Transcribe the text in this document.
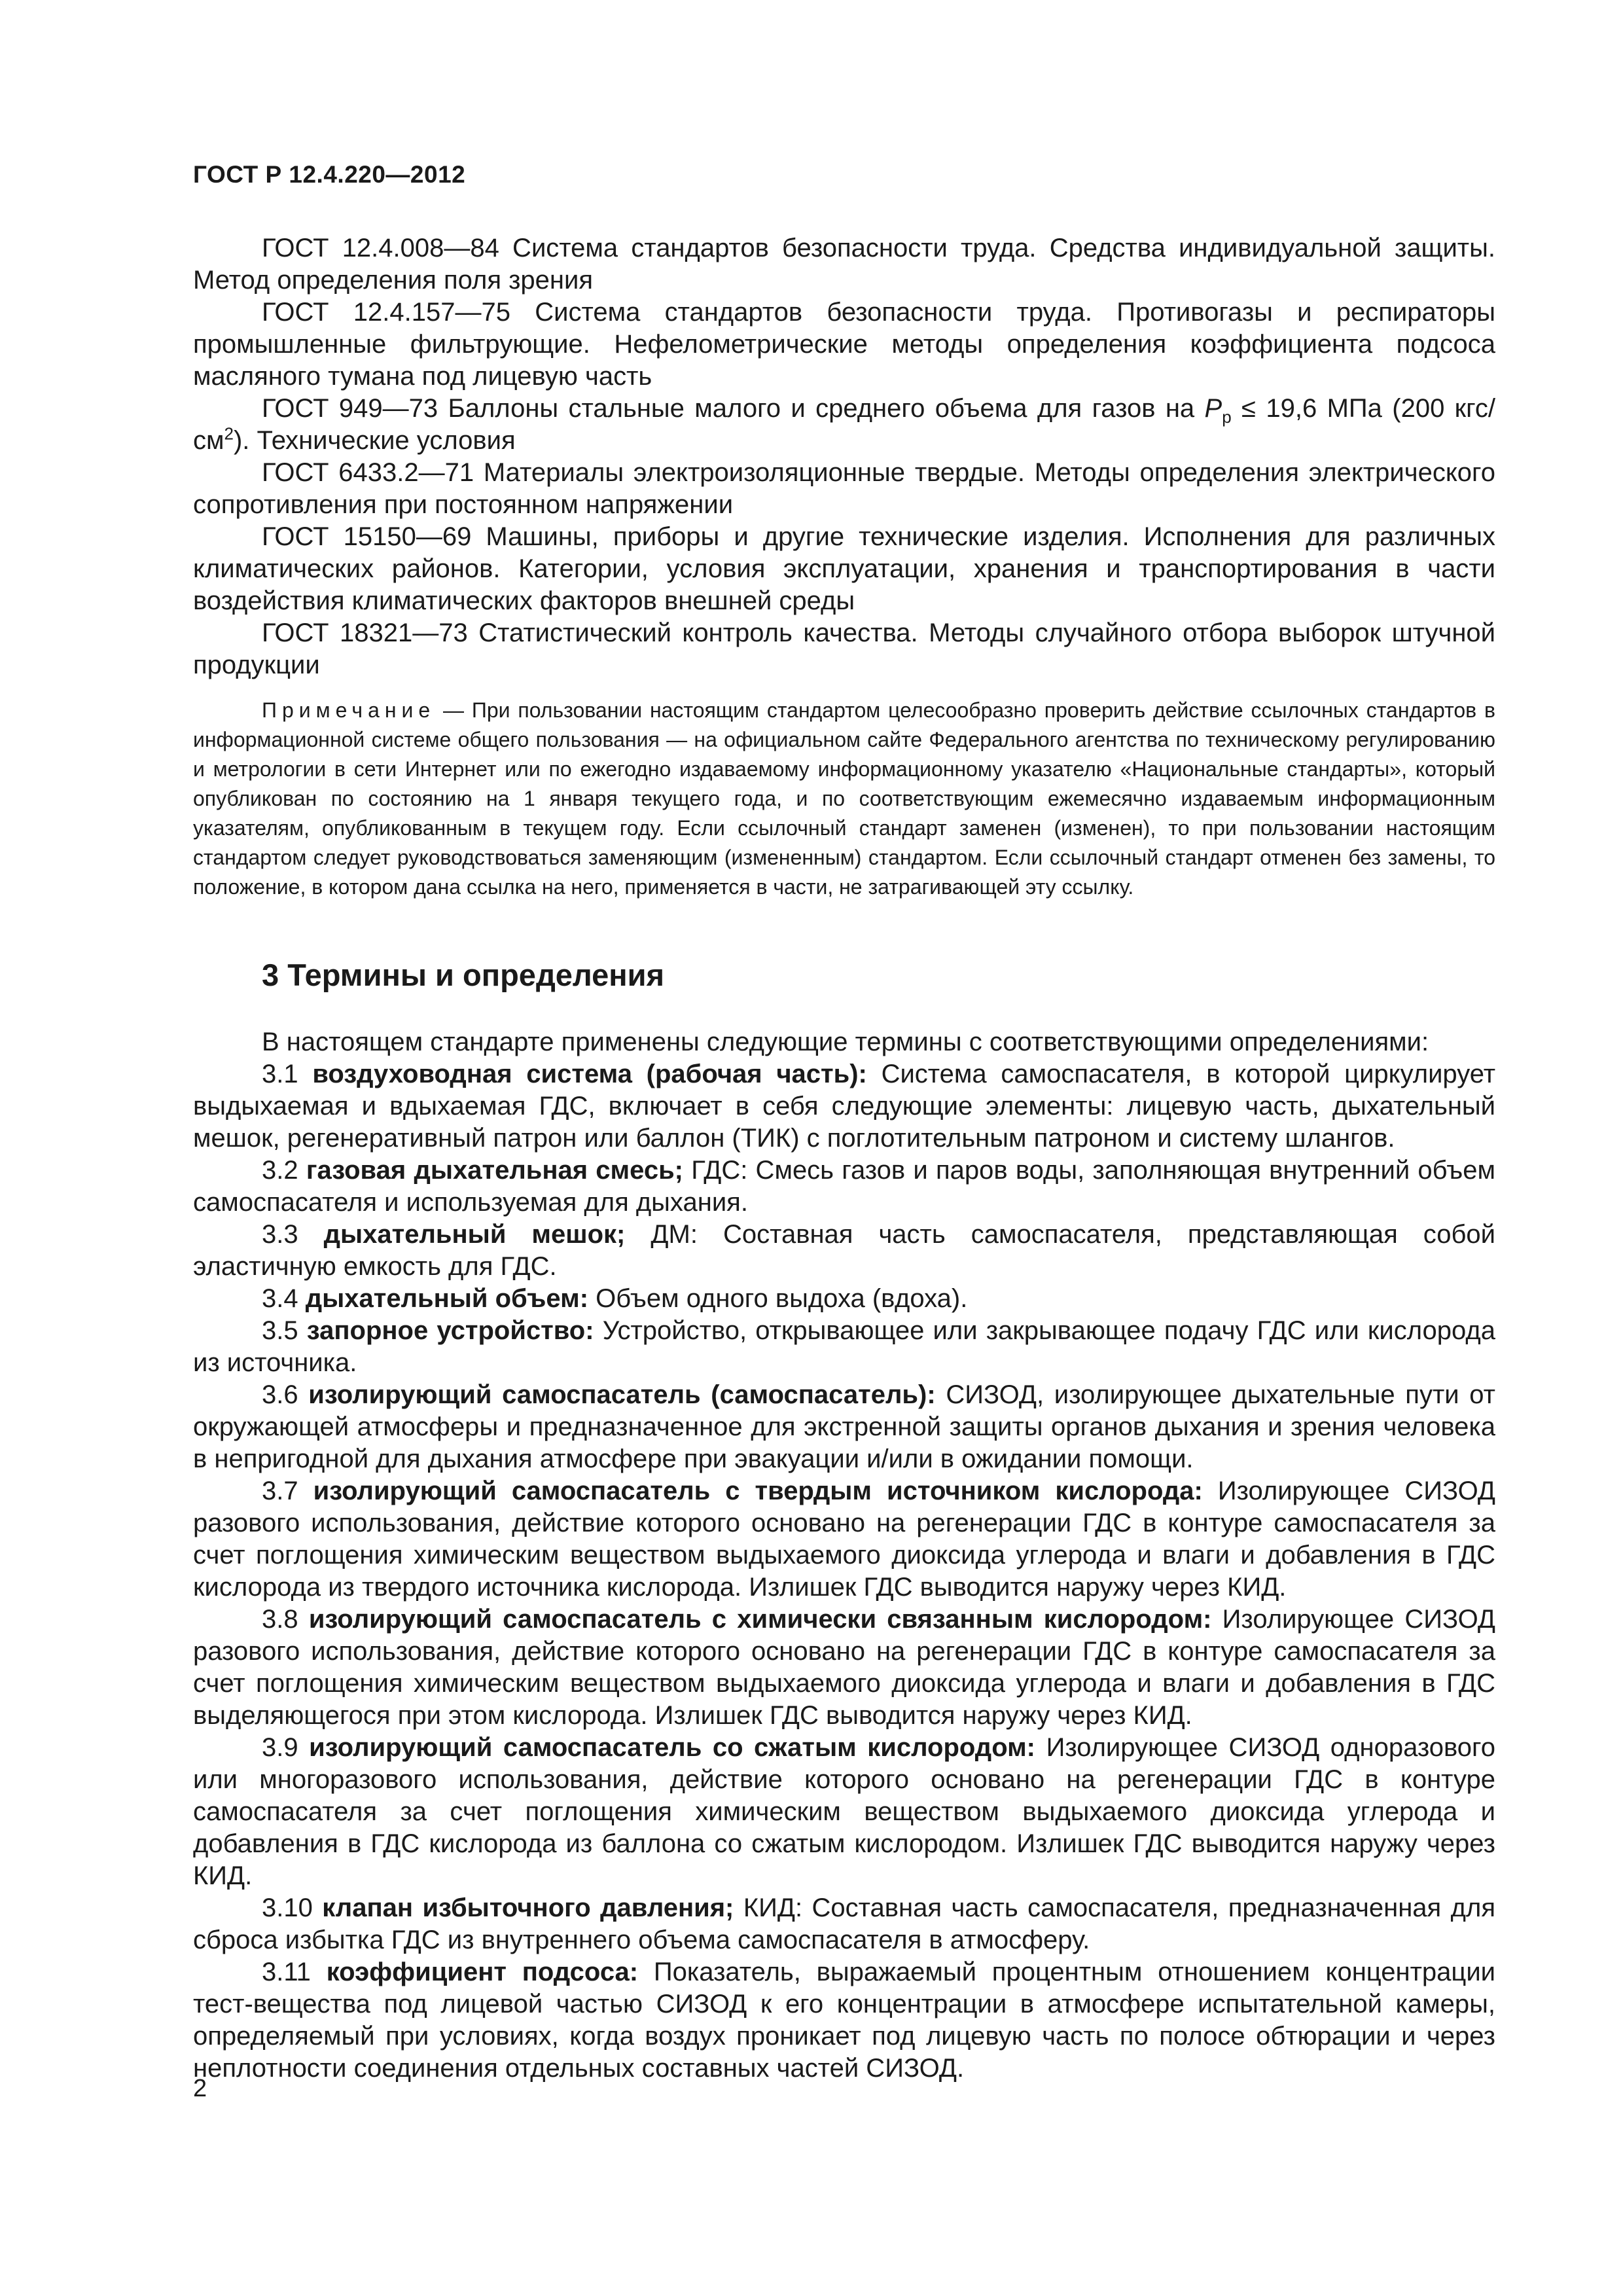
ГОСТ Р 12.4.220—2012

ГОСТ 12.4.008—84 Система стандартов безопасности труда. Средства индивидуальной защиты. Метод определения поля зрения

ГОСТ 12.4.157—75 Система стандартов безопасности труда. Противогазы и респираторы промышленные фильтрующие. Нефелометрические методы определения коэффициента подсоса масляного тумана под лицевую часть

ГОСТ 949—73 Баллоны стальные малого и среднего объема для газов на $P_р \le 19,6$ МПа (200 кгс/$см^2$). Технические условия

ГОСТ 6433.2—71 Материалы электроизоляционные твердые. Методы определения электрического сопротивления при постоянном напряжении

ГОСТ 15150—69 Машины, приборы и другие технические изделия. Исполнения для различных климатических районов. Категории, условия эксплуатации, хранения и транспортирования в части воздействия климатических факторов внешней среды

ГОСТ 18321—73 Статистический контроль качества. Методы случайного отбора выборок штучной продукции

Примечание — При пользовании настоящим стандартом целесообразно проверить действие ссылочных стандартов в информационной системе общего пользования — на официальном сайте Федерального агентства по техническому регулированию и метрологии в сети Интернет или по ежегодно издаваемому информационному указателю «Национальные стандарты», который опубликован по состоянию на 1 января текущего года, и по соответствующим ежемесячно издаваемым информационным указателям, опубликованным в текущем году. Если ссылочный стандарт заменен (изменен), то при пользовании настоящим стандартом следует руководствоваться заменяющим (измененным) стандартом. Если ссылочный стандарт отменен без замены, то положение, в котором дана ссылка на него, применяется в части, не затрагивающей эту ссылку.

3 Термины и определения

В настоящем стандарте применены следующие термины с соответствующими определениями:

3.1 воздуховодная система (рабочая часть): Система самоспасателя, в которой циркулирует выдыхаемая и вдыхаемая ГДС, включает в себя следующие элементы: лицевую часть, дыхательный мешок, регенеративный патрон или баллон (ТИК) с поглотительным патроном и систему шлангов.

3.2 газовая дыхательная смесь; ГДС: Смесь газов и паров воды, заполняющая внутренний объем самоспасателя и используемая для дыхания.

3.3 дыхательный мешок; ДМ: Составная часть самоспасателя, представляющая собой эластичную емкость для ГДС.

3.4 дыхательный объем: Объем одного выдоха (вдоха).

3.5 запорное устройство: Устройство, открывающее или закрывающее подачу ГДС или кислорода из источника.

3.6 изолирующий самоспасатель (самоспасатель): СИЗОД, изолирующее дыхательные пути от окружающей атмосферы и предназначенное для экстренной защиты органов дыхания и зрения человека в непригодной для дыхания атмосфере при эвакуации и/или в ожидании помощи.

3.7 изолирующий самоспасатель с твердым источником кислорода: Изолирующее СИЗОД разового использования, действие которого основано на регенерации ГДС в контуре самоспасателя за счет поглощения химическим веществом выдыхаемого диоксида углерода и влаги и добавления в ГДС кислорода из твердого источника кислорода. Излишек ГДС выводится наружу через КИД.

3.8 изолирующий самоспасатель с химически связанным кислородом: Изолирующее СИЗОД разового использования, действие которого основано на регенерации ГДС в контуре самоспасателя за счет поглощения химическим веществом выдыхаемого диоксида углерода и влаги и добавления в ГДС выделяющегося при этом кислорода. Излишек ГДС выводится наружу через КИД.

3.9 изолирующий самоспасатель со сжатым кислородом: Изолирующее СИЗОД одноразового или многоразового использования, действие которого основано на регенерации ГДС в контуре самоспасателя за счет поглощения химическим веществом выдыхаемого диоксида углерода и добавления в ГДС кислорода из баллона со сжатым кислородом. Излишек ГДС выводится наружу через КИД.

3.10 клапан избыточного давления; КИД: Составная часть самоспасателя, предназначенная для сброса избытка ГДС из внутреннего объема самоспасателя в атмосферу.

3.11 коэффициент подсоса: Показатель, выражаемый процентным отношением концентрации тест-вещества под лицевой частью СИЗОД к его концентрации в атмосфере испытательной камеры, определяемый при условиях, когда воздух проникает под лицевую часть по полосе обтюрации и через неплотности соединения отдельных составных частей СИЗОД.

2
